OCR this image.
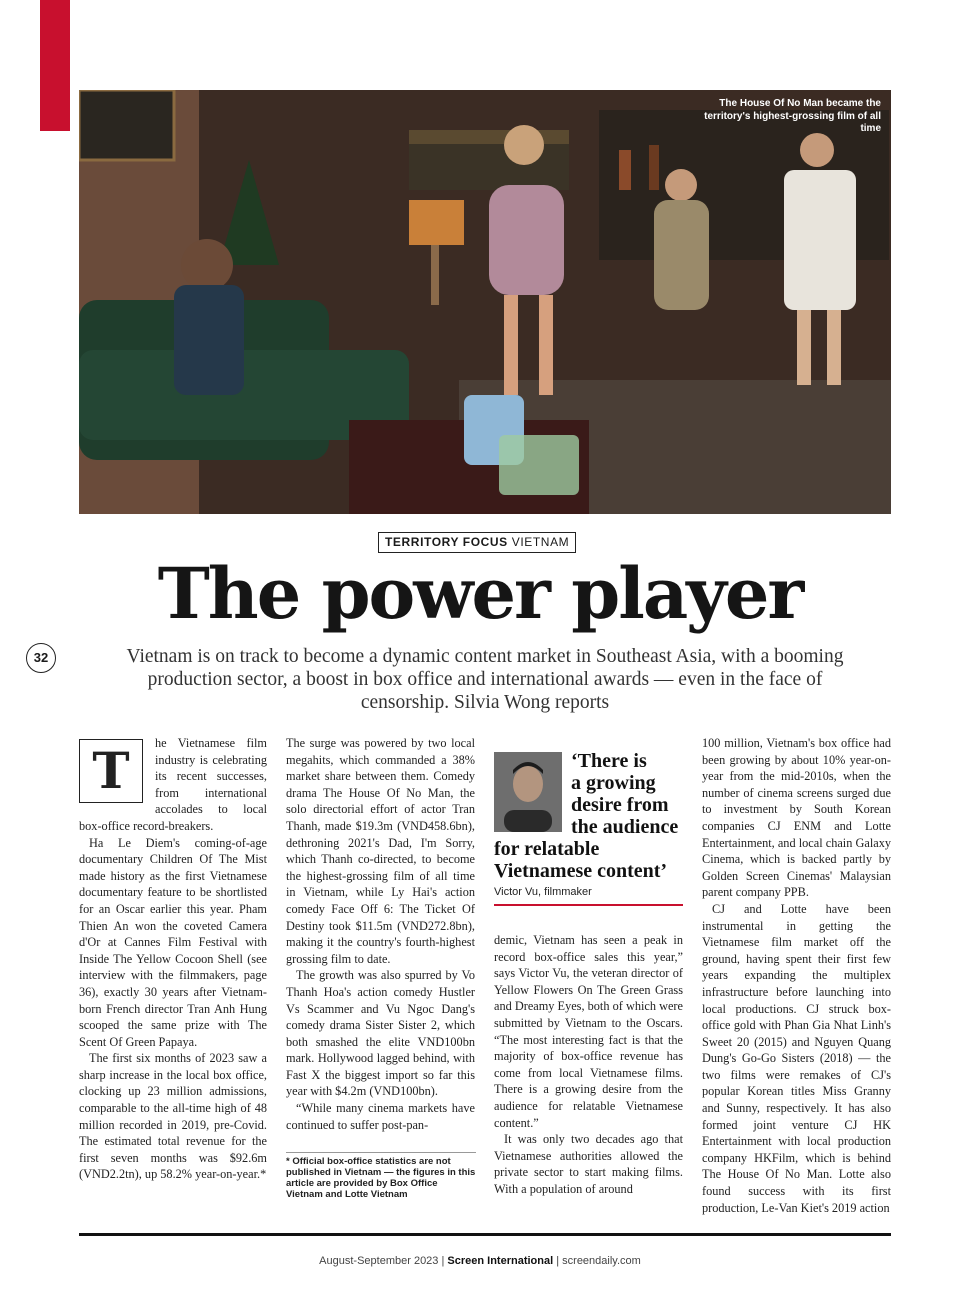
The House Of No Man became the territory's highest-grossing film of all time
TERRITORY FOCUS VIETNAM
The power player
32	Vietnam is on track to become a dynamic content market in Southeast Asia, with a booming production sector, a boost in box office and international awards — even in the face of censorship. Silvia Wong reports
T	he Vietnamese film industry is celebrating its recent successes, from international accolades to local box-office record-breakers.

Ha Le Diem's coming-of-age documentary Children Of The Mist made history as the first Vietnamese documentary feature to be shortlisted for an Oscar earlier this year. Pham Thien An won the coveted Camera d'Or at Cannes Film Festival with Inside The Yellow Cocoon Shell (see interview with the filmmakers, page 36), exactly 30 years after Vietnam-born French director Tran Anh Hung scooped the same prize with The Scent Of Green Papaya.

The first six months of 2023 saw a sharp increase in the local box office, clocking up 23 million admissions, comparable to the all-time high of 48 million recorded in 2019, pre-Covid. The estimated total revenue for the first seven months was $92.6m (VND2.2tn), up 58.2% year-on-year.*

The surge was powered by two local megahits, which commanded a 38% market share between them. Comedy drama The House Of No Man, the solo directorial effort of actor Tran Thanh, made $19.3m (VND458.6bn), dethroning 2021's Dad, I'm Sorry, which Thanh co-directed, to become the highest-grossing film of all time in Vietnam, while Ly Hai's action comedy Face Off 6: The Ticket Of Destiny took $11.5m (VND272.8bn), making it the country's fourth-highest grossing film to date.

The growth was also spurred by Vo Thanh Hoa's action comedy Hustler Vs Scammer and Vu Ngoc Dang's comedy drama Sister Sister 2, which both smashed the elite VND100bn mark. Hollywood lagged behind, with Fast X the biggest import so far this year with $4.2m (VND100bn).

“While many cinema markets have continued to suffer post-pan-

* Official box-office statistics are not published in Vietnam — the figures in this article are provided by Box Office Vietnam and Lotte Vietnam
‘There is
a growing
desire from
the audience
for relatable
Vietnamese content’
Victor Vu, filmmaker

demic, Vietnam has seen a peak in record box-office sales this year,” says Victor Vu, the veteran director of Yellow Flowers On The Green Grass and Dreamy Eyes, both of which were submitted by Vietnam to the Oscars. “The most interesting fact is that the majority of box-office revenue has come from local Vietnamese films. There is a growing desire from the audience for relatable Vietnamese content.”

It was only two decades ago that Vietnamese authorities allowed the private sector to start making films. With a population of around

100 million, Vietnam's box office had been growing by about 10% year-on-year from the mid-2010s, when the number of cinema screens surged due to investment by South Korean companies CJ ENM and Lotte Entertainment, and local chain Galaxy Cinema, which is backed partly by Golden Screen Cinemas' Malaysian parent company PPB.

CJ and Lotte have been instrumental in getting the Vietnamese film market off the ground, having spent their first few years expanding the multiplex infrastructure before launching into local productions. CJ struck box-office gold with Phan Gia Nhat Linh's Sweet 20 (2015) and Nguyen Quang Dung's Go-Go Sisters (2018) — the two films were remakes of CJ's popular Korean titles Miss Granny and Sunny, respectively. It has also formed joint venture CJ HK Entertainment with local production company HKFilm, which is behind The House Of No Man. Lotte also found success with its first production, Le-Van Kiet's 2019 action

August-September 2023 | Screen International | screendaily.com
